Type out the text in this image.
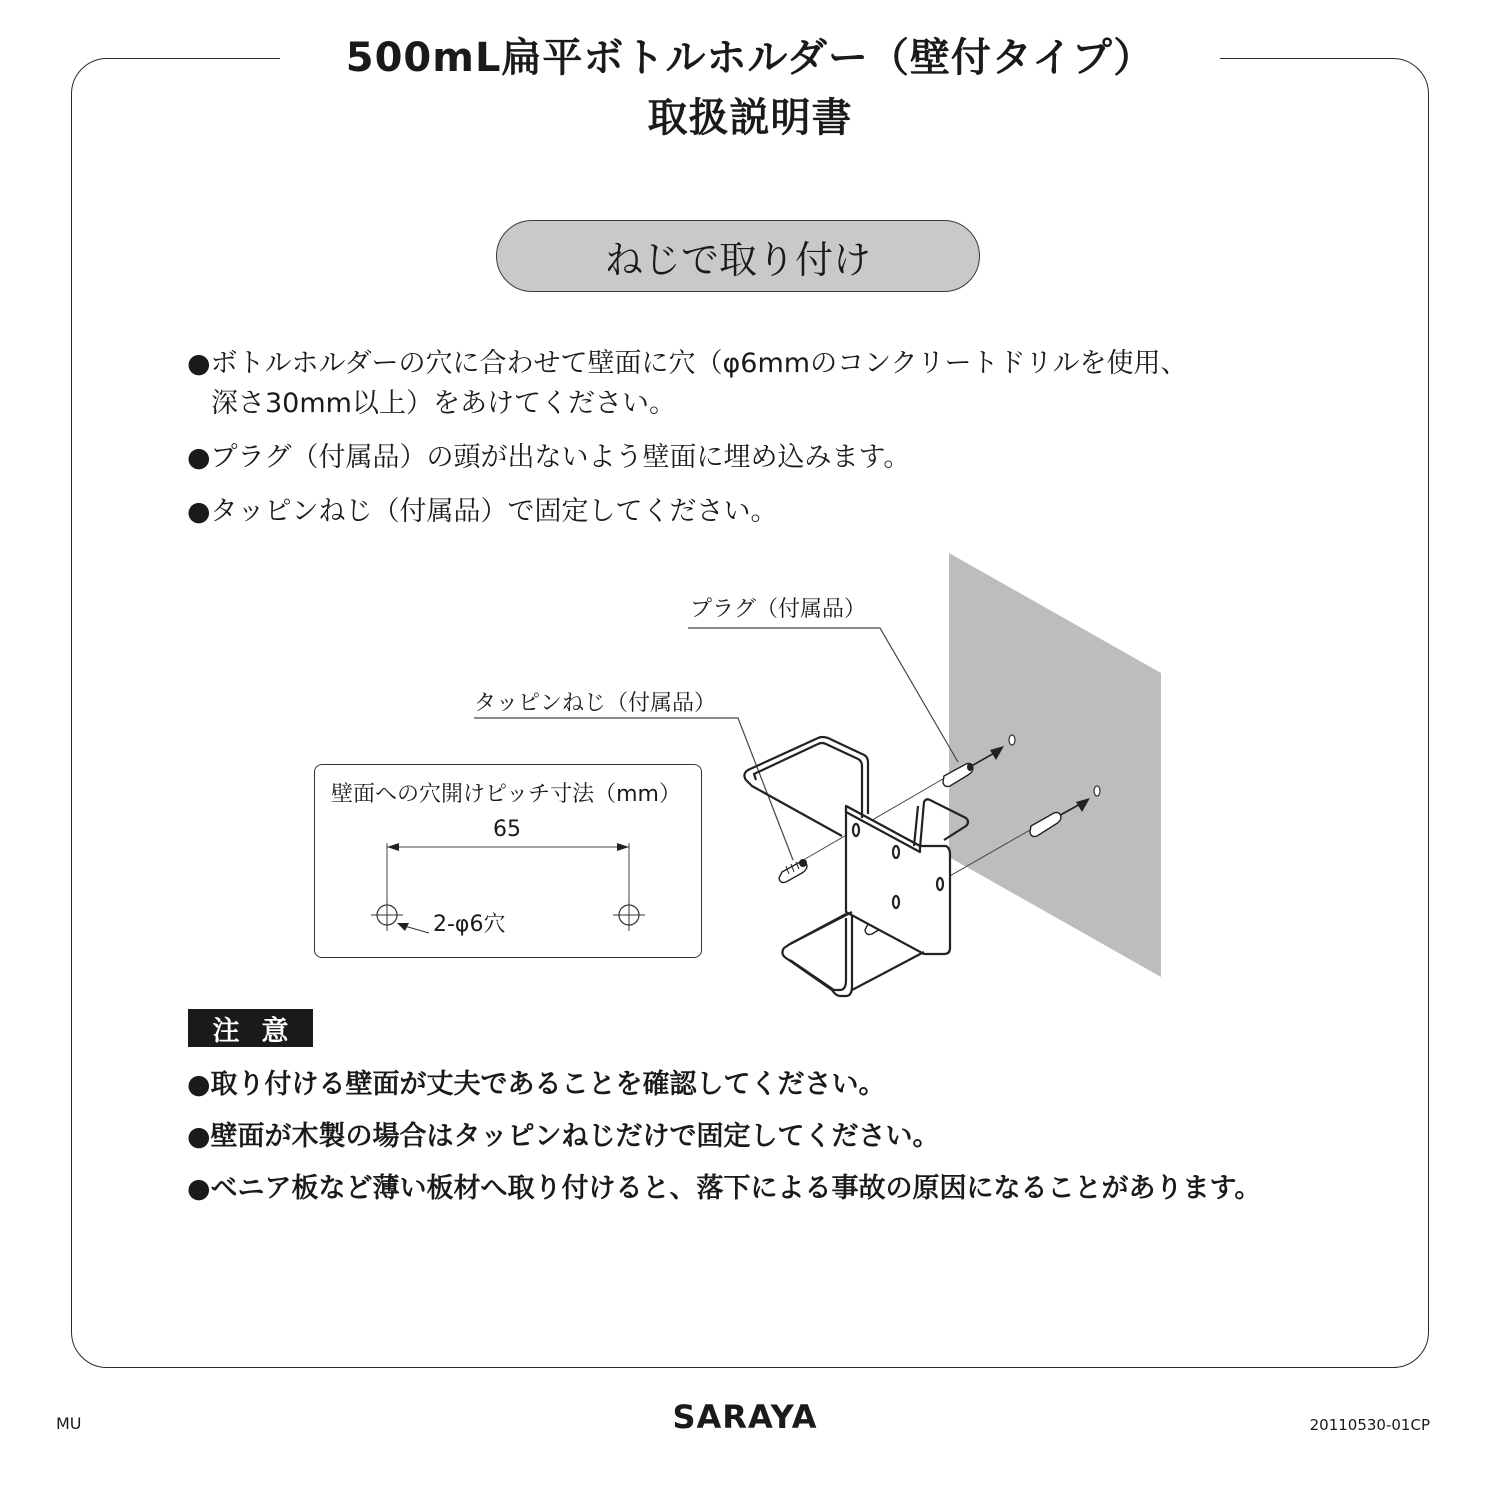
500mL扁平ボトルホルダー（壁付タイプ）
取扱説明書
ねじで取り付け
●ボトルホルダーの穴に合わせて壁面に穴（φ6mmのコンクリートドリルを使用、
深さ30mm以上）をあけてください。
●プラグ（付属品）の頭が出ないよう壁面に埋め込みます。
●タッピンねじ（付属品）で固定してください。
プラグ（付属品）
タッピンねじ（付属品）
壁面への穴開けピッチ寸法（mm）
65
2-φ6穴
注意
●取り付ける壁面が丈夫であることを確認してください。
●壁面が木製の場合はタッピンねじだけで固定してください。
●ベニア板など薄い板材へ取り付けると、落下による事故の原因になることがあります。
MU	SARAYA	20110530-01CP
